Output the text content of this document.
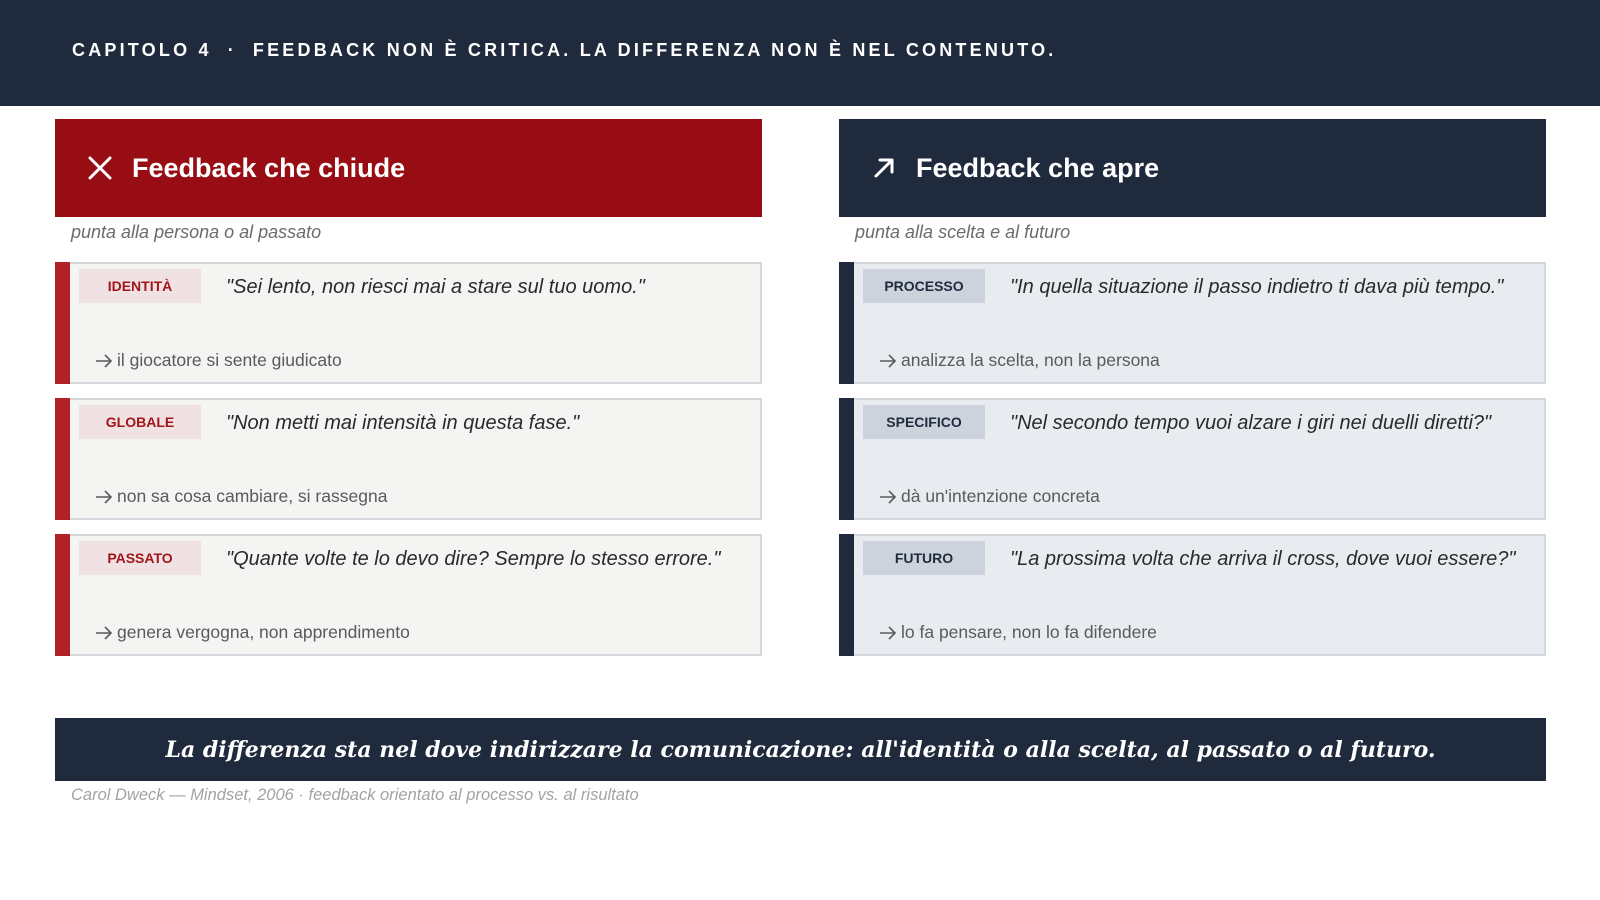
CAPITOLO 4 · FEEDBACK NON È CRITICA. LA DIFFERENZA NON È NEL CONTENUTO.
Feedback che chiude
punta alla persona o al passato
IDENTITÀ	"Sei lento, non riesci mai a stare sul tuo uomo."
il giocatore si sente giudicato
GLOBALE	"Non metti mai intensità in questa fase."
non sa cosa cambiare, si rassegna
PASSATO	"Quante volte te lo devo dire? Sempre lo stesso errore."
genera vergogna, non apprendimento
Feedback che apre
punta alla scelta e al futuro
PROCESSO	"In quella situazione il passo indietro ti dava più tempo."
analizza la scelta, non la persona
SPECIFICO	"Nel secondo tempo vuoi alzare i giri nei duelli diretti?"
dà un'intenzione concreta
FUTURO	"La prossima volta che arriva il cross, dove vuoi essere?"
lo fa pensare, non lo fa difendere
La differenza sta nel dove indirizzare la comunicazione: all'identità o alla scelta, al passato o al futuro.
Carol Dweck — Mindset, 2006 · feedback orientato al processo vs. al risultato
